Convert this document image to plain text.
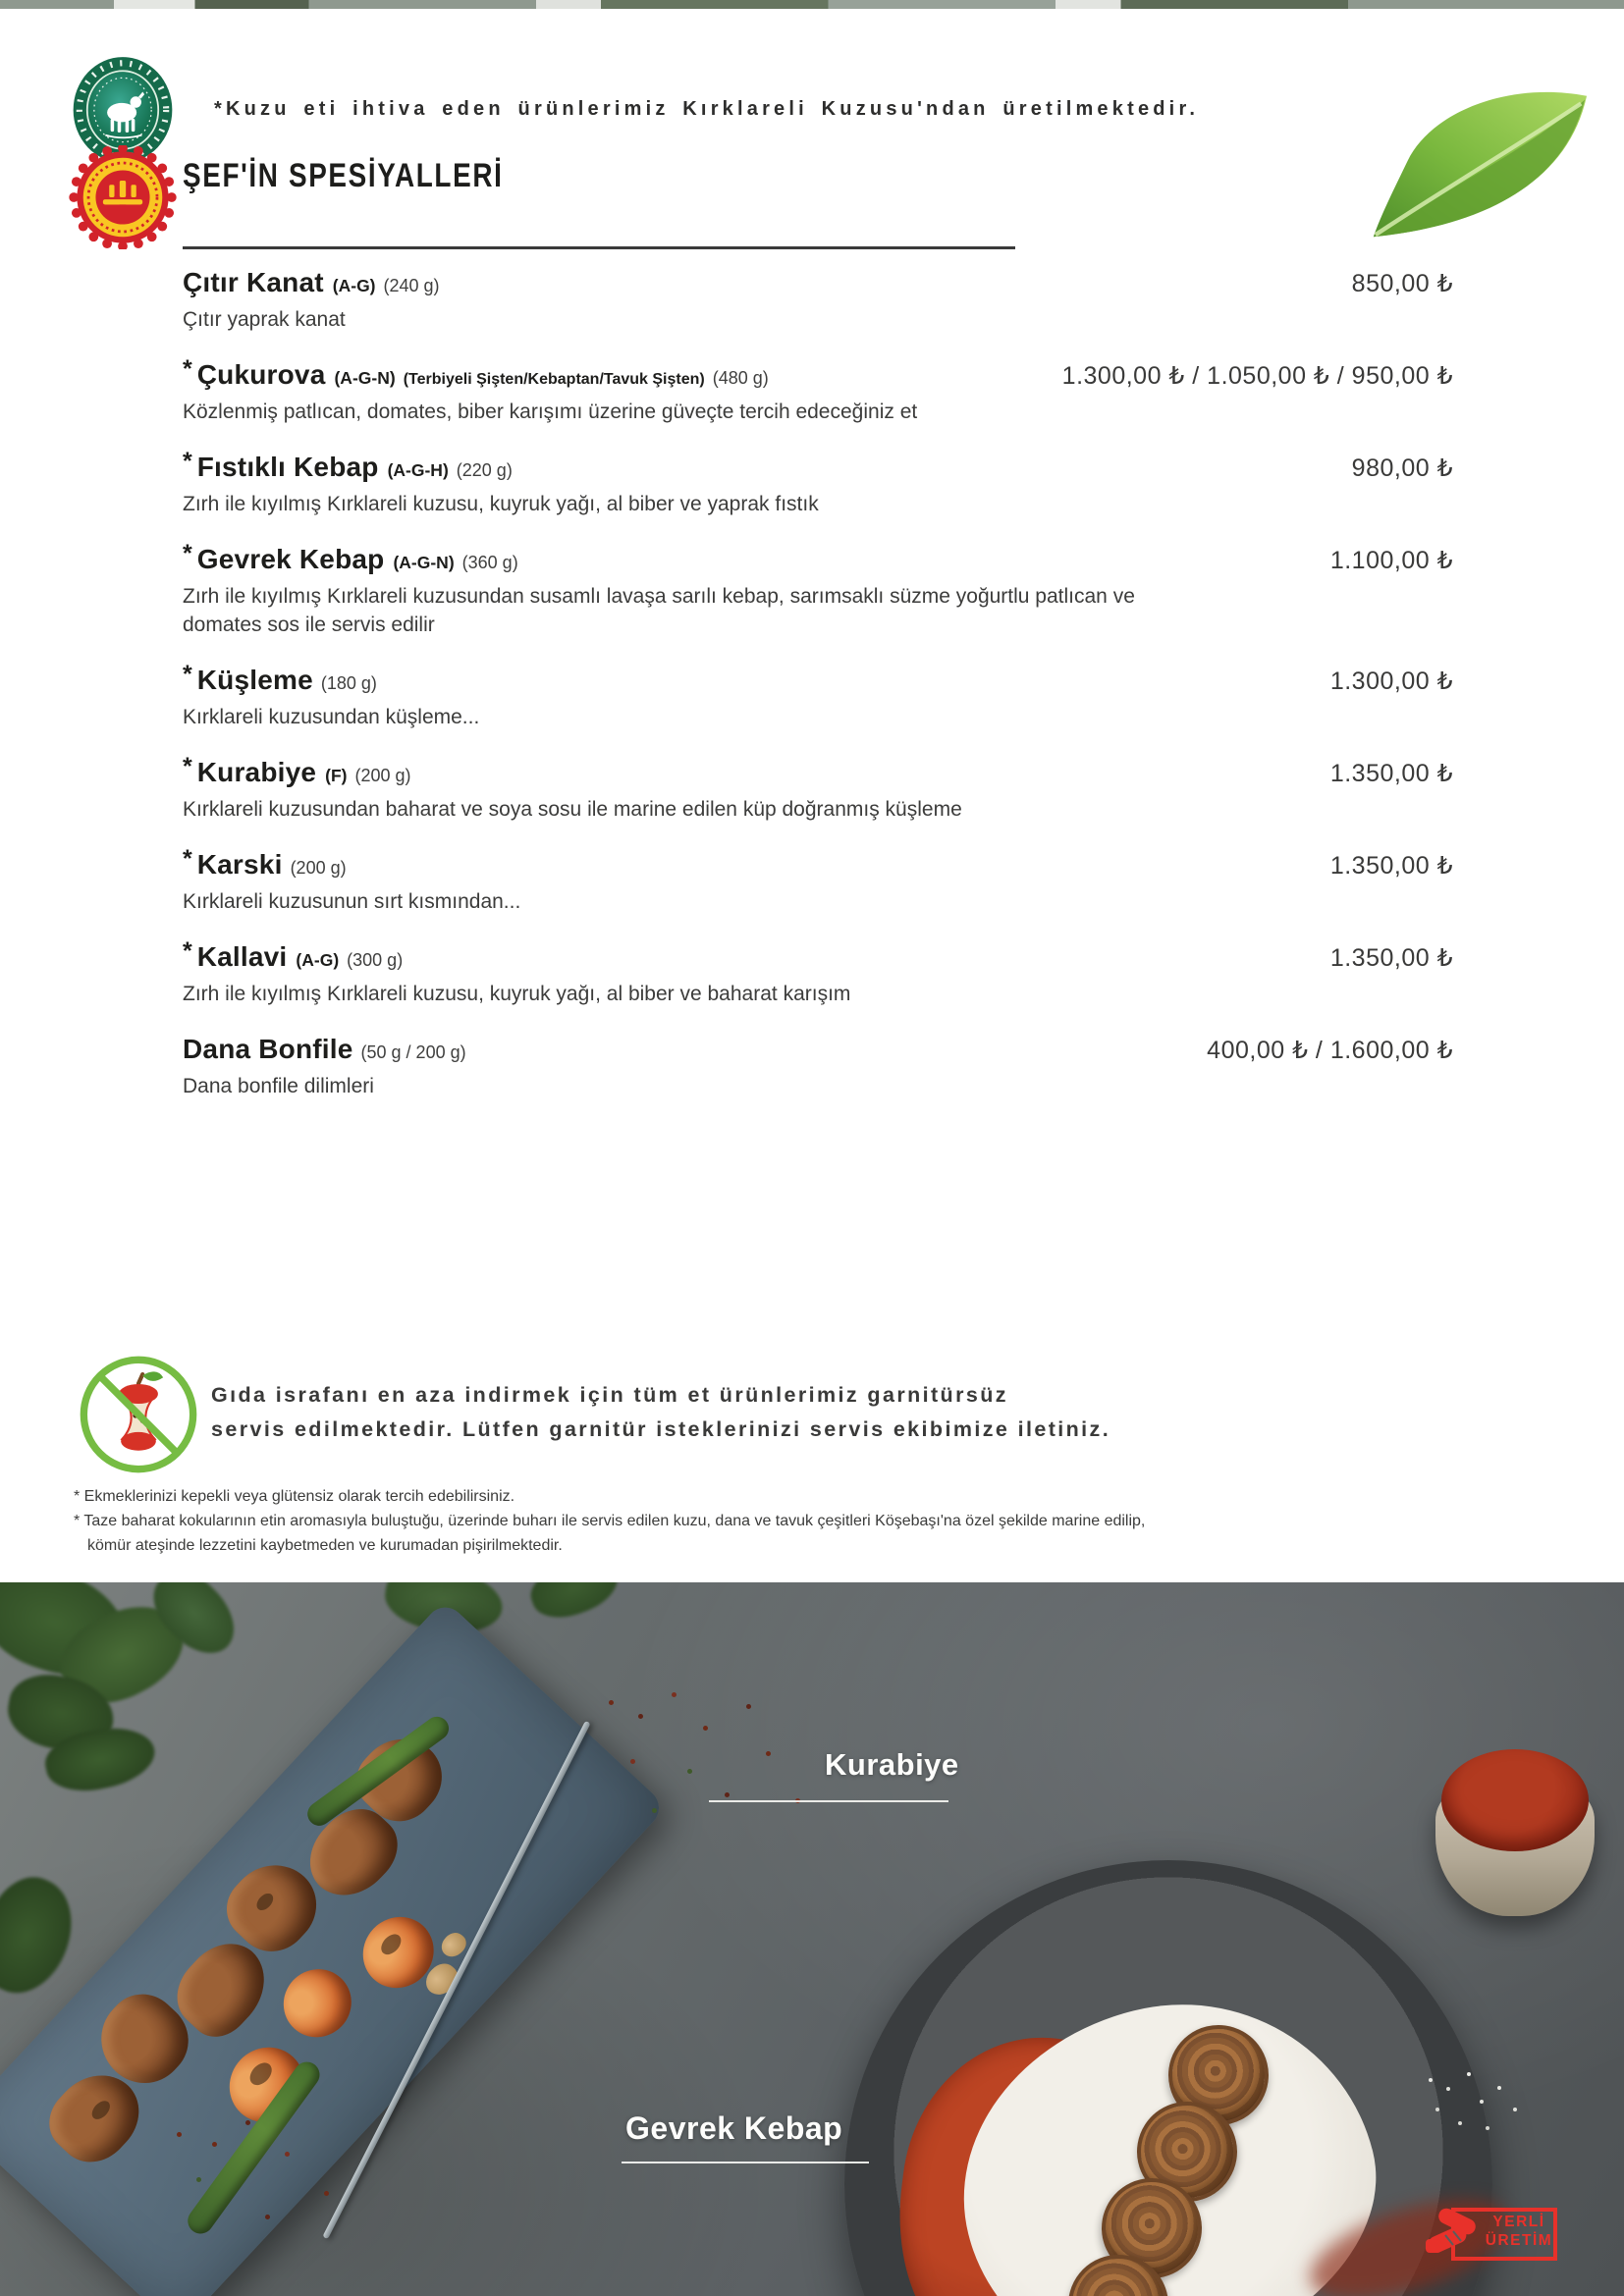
*Kuzu eti ihtiva eden ürünlerimiz Kırklareli Kuzusu'ndan üretilmektedir.
ŞEF'İN SPESİYALLERİ
Çıtır Kanat (A-G) (240 g)	850,00 ₺
Çıtır yaprak kanat
* Çukurova (A-G-N) (Terbiyeli Şişten/Kebaptan/Tavuk Şişten) (480 g)	1.300,00 ₺ / 1.050,00 ₺ / 950,00 ₺
Közlenmiş patlıcan, domates, biber karışımı üzerine güveçte tercih edeceğiniz et
* Fıstıklı Kebap (A-G-H) (220 g)	980,00 ₺
Zırh ile kıyılmış Kırklareli kuzusu, kuyruk yağı, al biber ve yaprak fıstık
* Gevrek Kebap (A-G-N) (360 g)	1.100,00 ₺
Zırh ile kıyılmış Kırklareli kuzusundan susamlı lavaşa sarılı kebap, sarımsaklı süzme yoğurtlu patlıcan ve domates sos ile servis edilir
* Küşleme (180 g)	1.300,00 ₺
Kırklareli kuzusundan küşleme...
* Kurabiye (F) (200 g)	1.350,00 ₺
Kırklareli kuzusundan baharat ve soya sosu ile marine edilen küp doğranmış küşleme
* Karski (200 g)	1.350,00 ₺
Kırklareli kuzusunun sırt kısmından...
* Kallavi (A-G) (300 g)	1.350,00 ₺
Zırh ile kıyılmış Kırklareli kuzusu, kuyruk yağı, al biber ve baharat karışım
Dana Bonfile (50 g / 200 g)	400,00 ₺ / 1.600,00 ₺
Dana bonfile dilimleri
Gıda israfanı en aza indirmek için tüm et ürünlerimiz garnitürsüz
servis edilmektedir. Lütfen garnitür isteklerinizi servis ekibimize iletiniz.
* Ekmeklerinizi kepekli veya glütensiz olarak tercih edebilirsiniz.
* Taze baharat kokularının etin aromasıyla buluştuğu, üzerinde buharı ile servis edilen kuzu, dana ve tavuk çeşitleri Köşebaşı'na özel şekilde marine edilip,
kömür ateşinde lezzetini kaybetmeden ve kurumadan pişirilmektedir.
Kurabiye
Gevrek Kebap
YERLİ
ÜRETİM
